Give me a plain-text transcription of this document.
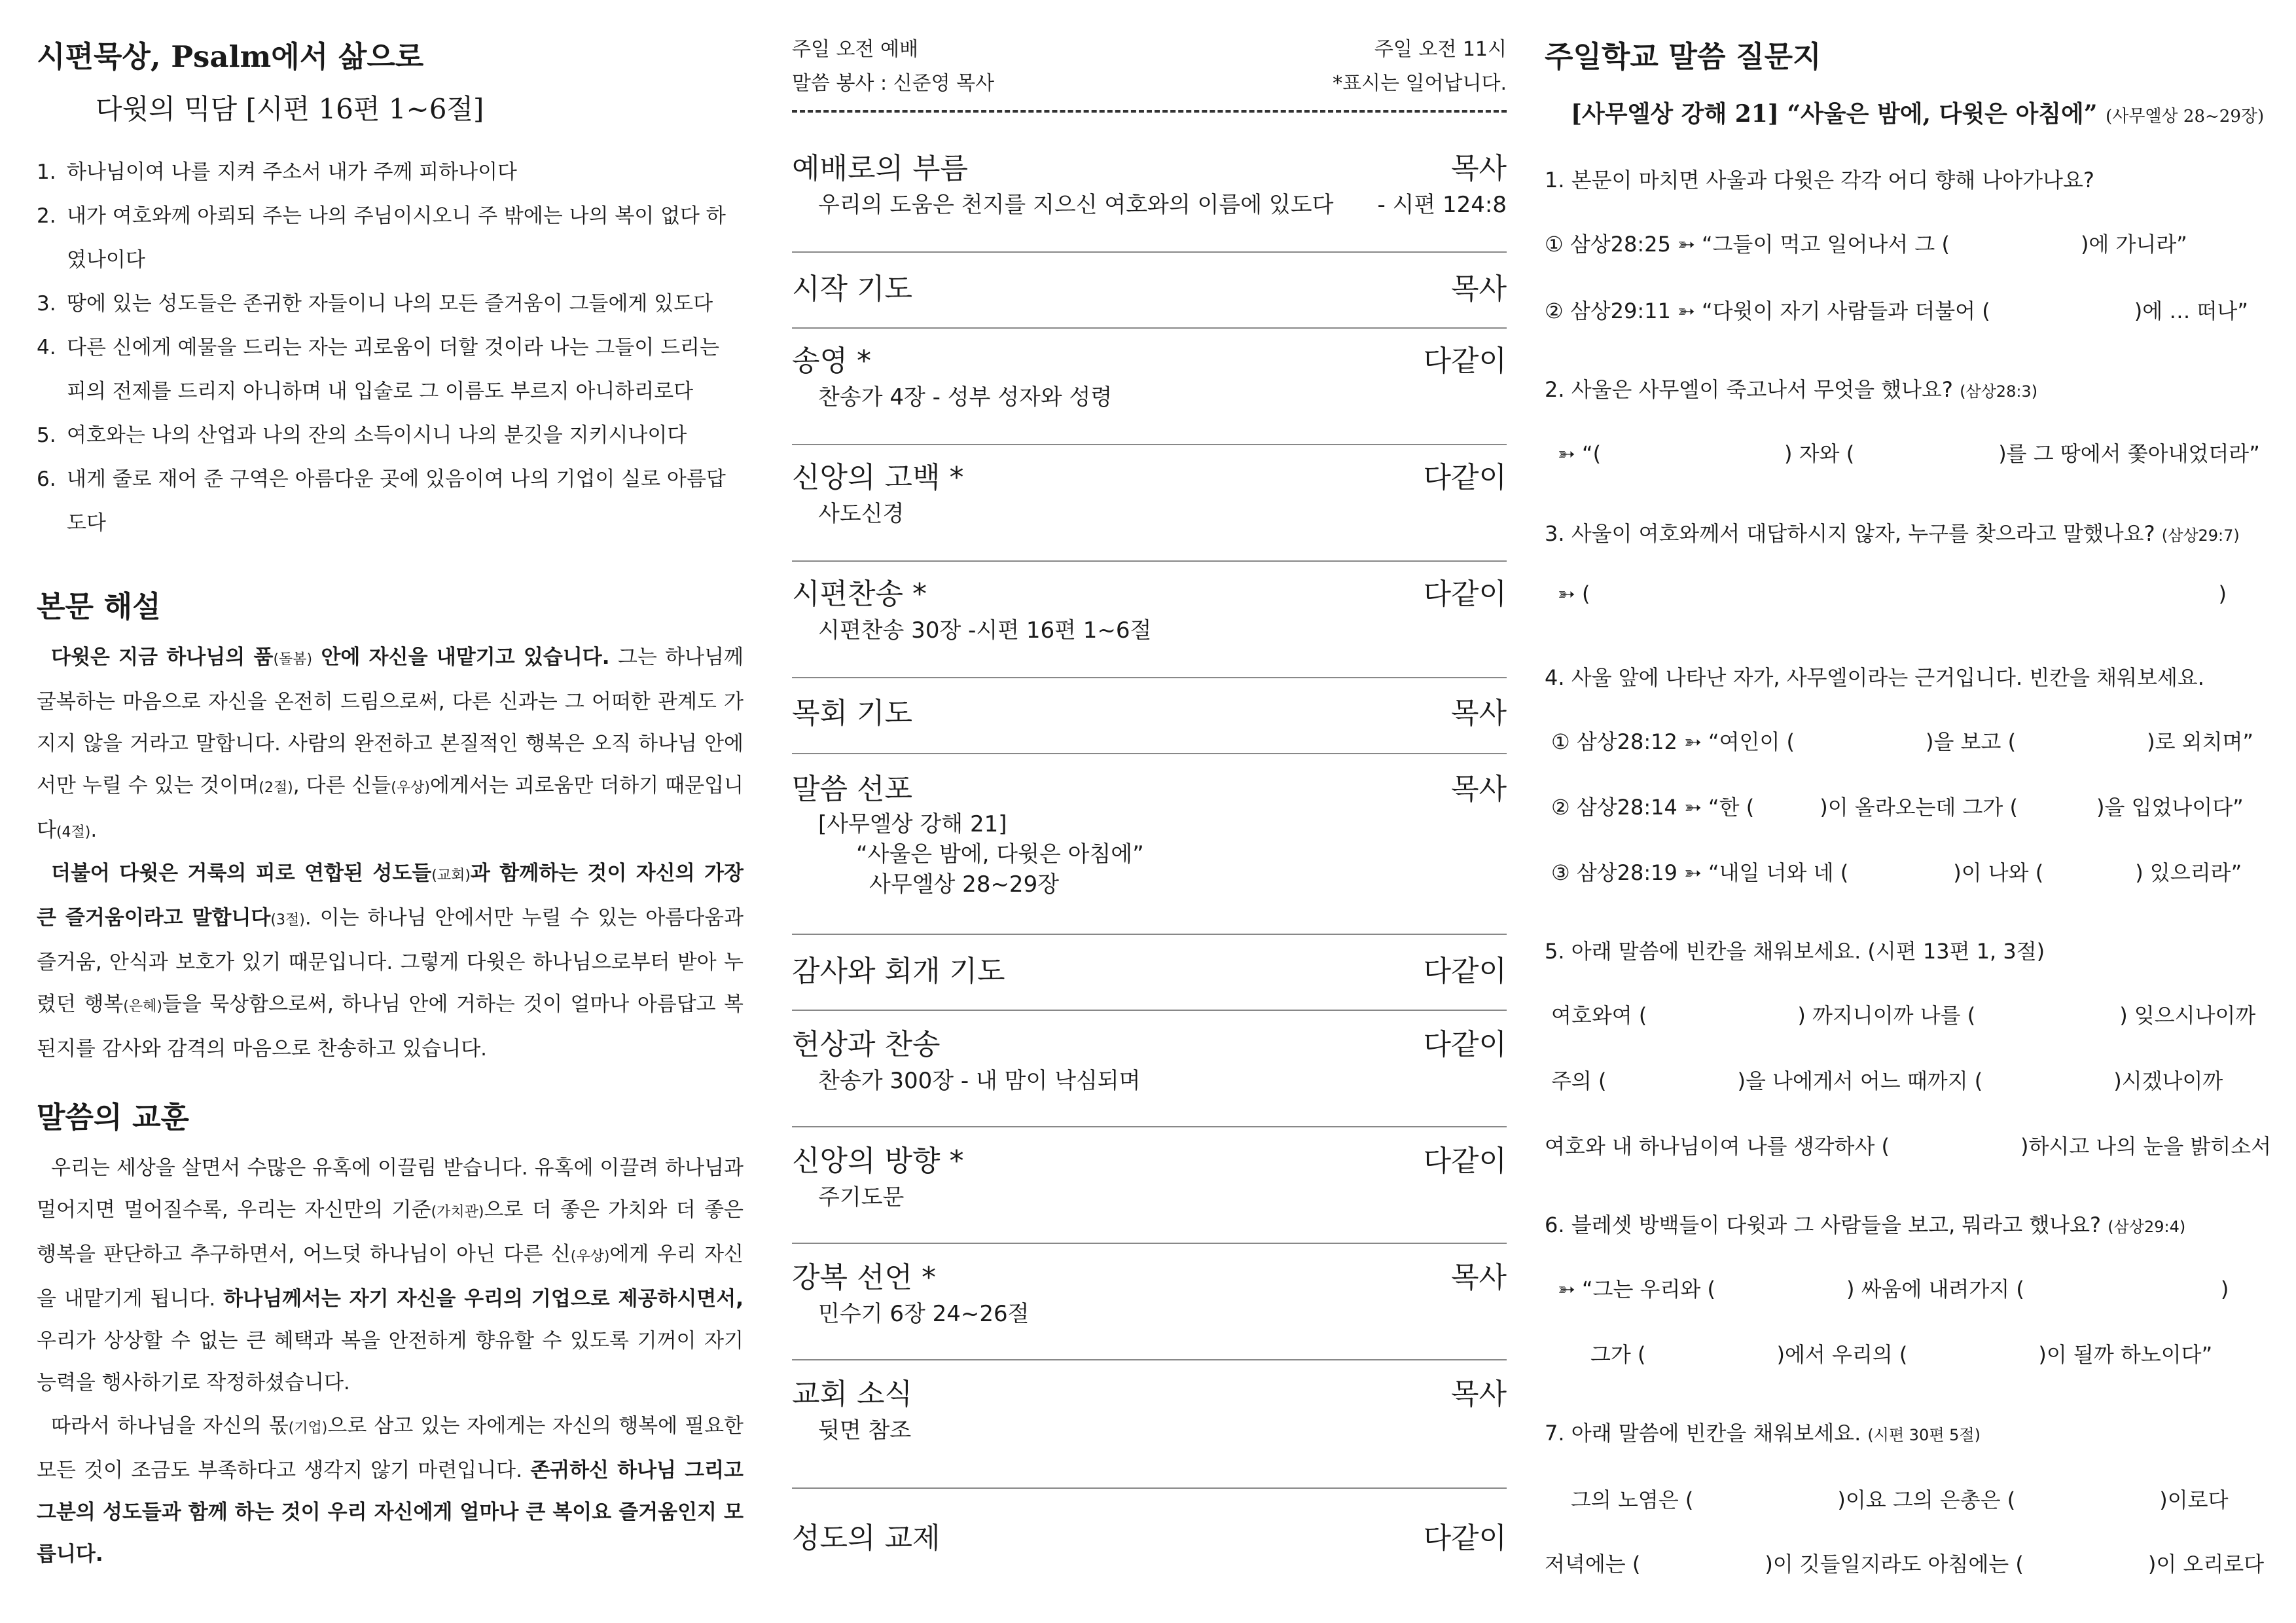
시편묵상, Psalm에서 삶으로
다윗의 믹담 [시편 16편 1~6절]
1. 하나님이여 나를 지켜 주소서 내가 주께 피하나이다
2. 내가 여호와께 아뢰되 주는 나의 주님이시오니 주 밖에는 나의 복이 없다 하였나이다
3. 땅에 있는 성도들은 존귀한 자들이니 나의 모든 즐거움이 그들에게 있도다
4. 다른 신에게 예물을 드리는 자는 괴로움이 더할 것이라 나는 그들이 드리는 피의 전제를 드리지 아니하며 내 입술로 그 이름도 부르지 아니하리로다
5. 여호와는 나의 산업과 나의 잔의 소득이시니 나의 분깃을 지키시나이다
6. 내게 줄로 재어 준 구역은 아름다운 곳에 있음이여 나의 기업이 실로 아름답도다
본문 해설

다윗은 지금 하나님의 품(돌봄) 안에 자신을 내맡기고 있습니다. 그는 하나님께 굴복하는 마음으로 자신을 온전히 드림으로써, 다른 신과는 그 어떠한 관계도 가지지 않을 거라고 말합니다. 사람의 완전하고 본질적인 행복은 오직 하나님 안에서만 누릴 수 있는 것이며(2절), 다른 신들(우상)에게서는 괴로움만 더하기 때문입니다(4절).

더불어 다윗은 거룩의 피로 연합된 성도들(교회)과 함께하는 것이 자신의 가장 큰 즐거움이라고 말합니다(3절). 이는 하나님 안에서만 누릴 수 있는 아름다움과 즐거움, 안식과 보호가 있기 때문입니다. 그렇게 다윗은 하나님으로부터 받아 누렸던 행복(은혜)들을 묵상함으로써, 하나님 안에 거하는 것이 얼마나 아름답고 복된지를 감사와 감격의 마음으로 찬송하고 있습니다.

말씀의 교훈

우리는 세상을 살면서 수많은 유혹에 이끌림 받습니다. 유혹에 이끌려 하나님과 멀어지면 멀어질수록, 우리는 자신만의 기준(가치관)으로 더 좋은 가치와 더 좋은 행복을 판단하고 추구하면서, 어느덧 하나님이 아닌 다른 신(우상)에게 우리 자신을 내맡기게 됩니다. 하나님께서는 자기 자신을 우리의 기업으로 제공하시면서, 우리가 상상할 수 없는 큰 혜택과 복을 안전하게 향유할 수 있도록 기꺼이 자기 능력을 행사하기로 작정하셨습니다.

따라서 하나님을 자신의 몫(기업)으로 삼고 있는 자에게는 자신의 행복에 필요한 모든 것이 조금도 부족하다고 생각지 않기 마련입니다. 존귀하신 하나님 그리고 그분의 성도들과 함께 하는 것이 우리 자신에게 얼마나 큰 복이요 즐거움인지 모릅니다.

주일 오전 예배	주일 오전 11시
말씀 봉사 : 신준영 목사	*표시는 일어납니다.
예배로의 부름	목사
우리의 도움은 천지를 지으신 여호와의 이름에 있도다 - 시편 124:8
시작 기도	목사
송영 *	다같이
찬송가 4장 - 성부 성자와 성령
신앙의 고백 *	다같이
사도신경
시편찬송 *	다같이
시편찬송 30장 -시편 16편 1~6절
목회 기도	목사
말씀 선포	목사
[사무엘상 강해 21]
“사울은 밤에, 다윗은 아침에”
사무엘상 28~29장
감사와 회개 기도	다같이
헌상과 찬송	다같이
찬송가 300장 - 내 맘이 낙심되며
신앙의 방향 *	다같이
주기도문
강복 선언 *	목사
민수기 6장 24~26절
교회 소식	목사
뒷면 참조
성도의 교제	다같이
주일학교 말씀 질문지
[사무엘상 강해 21] “사울은 밤에, 다윗은 아침에” (사무엘상 28~29장)
1. 본문이 마치면 사울과 다윗은 각각 어디 향해 나아가나요?
① 삼상28:25 ➳ “그들이 먹고 일어나서 그 (	)에 가니라”
② 삼상29:11 ➳ “다윗이 자기 사람들과 더불어 (	)에 … 떠나”
2. 사울은 사무엘이 죽고나서 무엇을 했나요? (삼상28:3)
➳ “(	) 자와 (	)를 그 땅에서 쫓아내었더라”
3. 사울이 여호와께서 대답하시지 않자, 누구를 찾으라고 말했나요? (삼상29:7)
➳ (	)
4. 사울 앞에 나타난 자가, 사무엘이라는 근거입니다. 빈칸을 채워보세요.
① 삼상28:12 ➳ “여인이 (	)을 보고 (	)로 외치며”
② 삼상28:14 ➳ “한 (	)이 올라오는데 그가 (	)을 입었나이다”
③ 삼상28:19 ➳ “내일 너와 네 (	)이 나와 (	) 있으리라”
5. 아래 말씀에 빈칸을 채워보세요. (시편 13편 1, 3절)
여호와여 (	) 까지니이까 나를 (	) 잊으시나이까
주의 (	)을 나에게서 어느 때까지 (	)시겠나이까
여호와 내 하나님이여 나를 생각하사 (	)하시고 나의 눈을 밝히소서
6. 블레셋 방백들이 다윗과 그 사람들을 보고, 뭐라고 했나요? (삼상29:4)
➳ “그는 우리와 (	) 싸움에 내려가지 (	)
그가 (	)에서 우리의 (	)이 될까 하노이다”
7. 아래 말씀에 빈칸을 채워보세요. (시편 30편 5절)
그의 노염은 (	)이요 그의 은총은 (	)이로다
저녁에는 (	)이 깃들일지라도 아침에는 (	)이 오리로다
